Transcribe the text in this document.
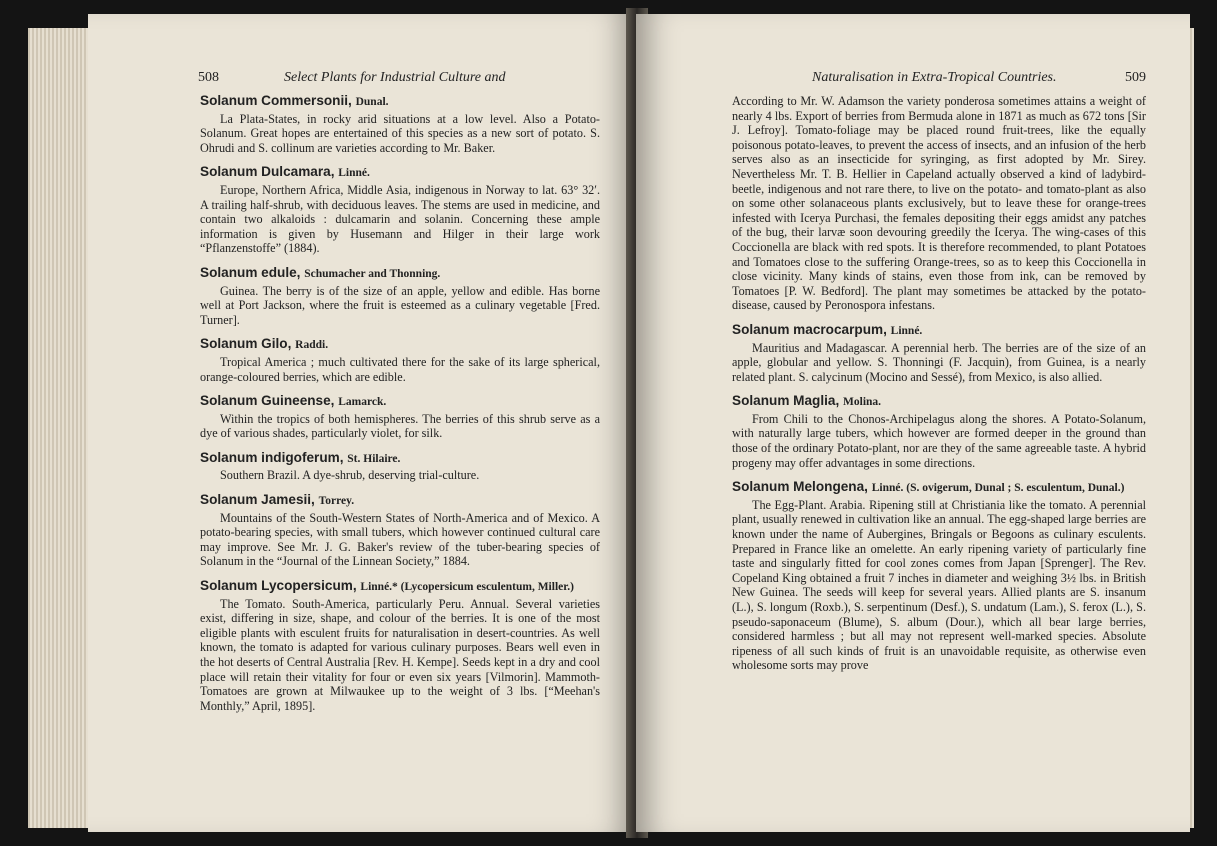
508	Select Plants for Industrial Culture and
Solanum Commersonii, Dunal.

La Plata-States, in rocky arid situations at a low level. Also a Potato-Solanum. Great hopes are entertained of this species as a new sort of potato. S. Ohrudi and S. collinum are varieties according to Mr. Baker.

Solanum Dulcamara, Linné.

Europe, Northern Africa, Middle Asia, indigenous in Norway to lat. 63° 32′. A trailing half-shrub, with deciduous leaves. The stems are used in medicine, and contain two alkaloids : dulcamarin and solanin. Concerning these ample information is given by Husemann and Hilger in their large work “Pflanzenstoffe” (1884).

Solanum edule, Schumacher and Thonning.

Guinea. The berry is of the size of an apple, yellow and edible. Has borne well at Port Jackson, where the fruit is esteemed as a culinary vegetable [Fred. Turner].

Solanum Gilo, Raddi.

Tropical America ; much cultivated there for the sake of its large spherical, orange-coloured berries, which are edible.

Solanum Guineense, Lamarck.

Within the tropics of both hemispheres. The berries of this shrub serve as a dye of various shades, particularly violet, for silk.

Solanum indigoferum, St. Hilaire.

Southern Brazil. A dye-shrub, deserving trial-culture.

Solanum Jamesii, Torrey.

Mountains of the South-Western States of North-America and of Mexico. A potato-bearing species, with small tubers, which however continued cultural care may improve. See Mr. J. G. Baker's review of the tuber-bearing species of Solanum in the “Journal of the Linnean Society,” 1884.

Solanum Lycopersicum, Linné.* (Lycopersicum esculentum, Miller.)

The Tomato. South-America, particularly Peru. Annual. Several varieties exist, differing in size, shape, and colour of the berries. It is one of the most eligible plants with esculent fruits for naturalisation in desert-countries. As well known, the tomato is adapted for various culinary purposes. Bears well even in the hot deserts of Central Australia [Rev. H. Kempe]. Seeds kept in a dry and cool place will retain their vitality for four or even six years [Vilmorin]. Mammoth-Tomatoes are grown at Milwaukee up to the weight of 3 lbs. [“Meehan's Monthly,” April, 1895].

Naturalisation in Extra-Tropical Countries.	509

According to Mr. W. Adamson the variety ponderosa sometimes attains a weight of nearly 4 lbs. Export of berries from Bermuda alone in 1871 as much as 672 tons [Sir J. Lefroy]. Tomato-foliage may be placed round fruit-trees, like the equally poisonous potato-leaves, to prevent the access of insects, and an infusion of the herb serves also as an insecticide for syringing, as first adopted by Mr. Sirey. Nevertheless Mr. T. B. Hellier in Capeland actually observed a kind of ladybird-beetle, indigenous and not rare there, to live on the potato- and tomato-plant as also on some other solanaceous plants exclusively, but to leave these for orange-trees infested with Icerya Purchasi, the females depositing their eggs amidst any patches of the bug, their larvæ soon devouring greedily the Icerya. The wing-cases of this Coccionella are black with red spots. It is therefore recommended, to plant Potatoes and Tomatoes close to the suffering Orange-trees, so as to keep this Coccionella in close vicinity. Many kinds of stains, even those from ink, can be removed by Tomatoes [P. W. Bedford]. The plant may sometimes be attacked by the potato-disease, caused by Peronospora infestans.

Solanum macrocarpum, Linné.

Mauritius and Madagascar. A perennial herb. The berries are of the size of an apple, globular and yellow. S. Thonningi (F. Jacquin), from Guinea, is a nearly related plant. S. calycinum (Mocino and Sessé), from Mexico, is also allied.

Solanum Maglia, Molina.

From Chili to the Chonos-Archipelagus along the shores. A Potato-Solanum, with naturally large tubers, which however are formed deeper in the ground than those of the ordinary Potato-plant, nor are they of the same agreeable taste. A hybrid progeny may offer advantages in some directions.

Solanum Melongena, Linné. (S. ovigerum, Dunal ; S. esculentum, Dunal.)

The Egg-Plant. Arabia. Ripening still at Christiania like the tomato. A perennial plant, usually renewed in cultivation like an annual. The egg-shaped large berries are known under the name of Aubergines, Bringals or Begoons as culinary esculents. Prepared in France like an omelette. An early ripening variety of particularly fine taste and singularly fitted for cool zones comes from Japan [Sprenger]. The Rev. Copeland King obtained a fruit 7 inches in diameter and weighing 3½ lbs. in British New Guinea. The seeds will keep for several years. Allied plants are S. insanum (L.), S. longum (Roxb.), S. serpentinum (Desf.), S. undatum (Lam.), S. ferox (L.), S. pseudo-saponaceum (Blume), S. album (Dour.), which all bear large berries, considered harmless ; but all may not represent well-marked species. Absolute ripeness of all such kinds of fruit is an unavoidable requisite, as otherwise even wholesome sorts may prove
